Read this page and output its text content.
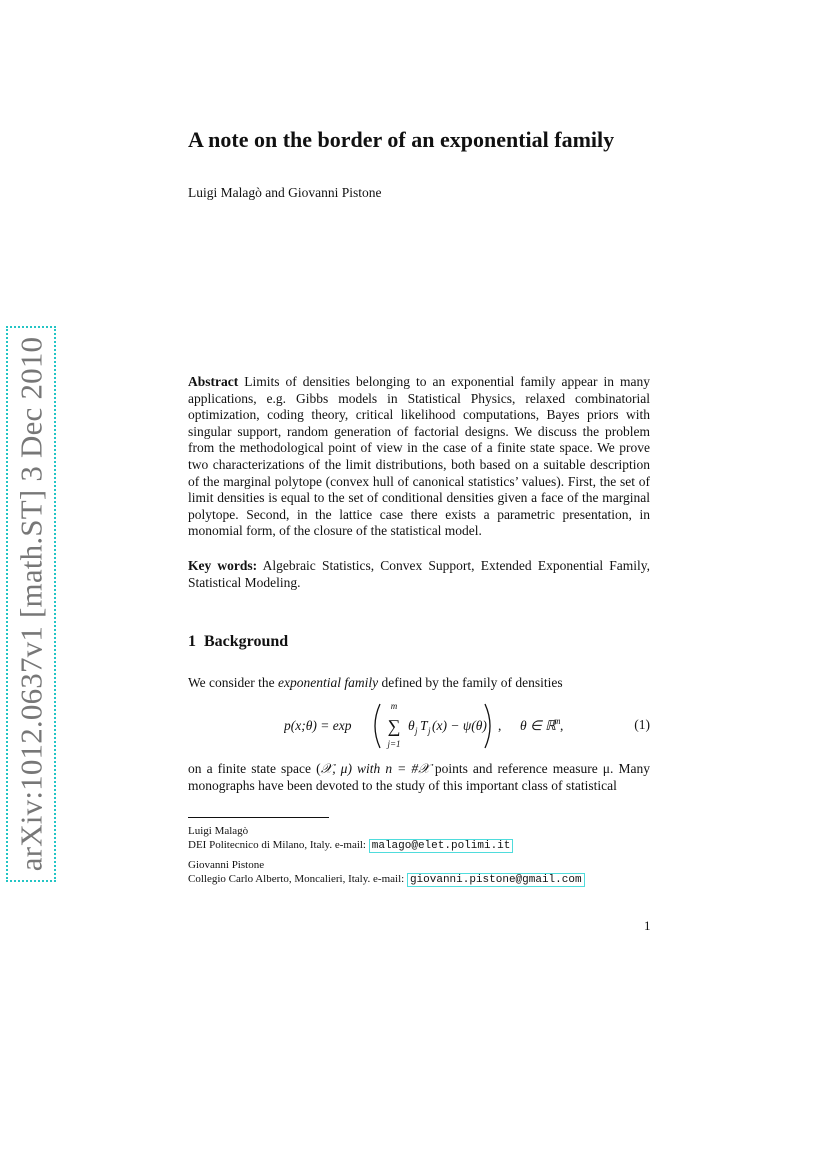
arXiv:1012.0637v1 [math.ST] 3 Dec 2010
A note on the border of an exponential family
Luigi Malagò and Giovanni Pistone

Abstract Limits of densities belonging to an exponential family appear in many applications, e.g. Gibbs models in Statistical Physics, relaxed combinatorial optimization, coding theory, critical likelihood computations, Bayes priors with singular support, random generation of factorial designs. We discuss the problem from the methodological point of view in the case of a finite state space. We prove two characterizations of the limit distributions, both based on a suitable description of the marginal polytope (convex hull of canonical statistics’ values). First, the set of limit densities is equal to the set of conditional densities given a face of the marginal polytope. Second, in the lattice case there exists a parametric presentation, in monomial form, of the closure of the statistical model.

Key words: Algebraic Statistics, Convex Support, Extended Exponential Family, Statistical Modeling.

1 Background

We consider the exponential family defined by the family of densities

p(x;θ) = exp
m
∑
j=1
θ j T j (x) − ψ(θ) , θ ∈ ℝ
m ,	(1)

on a finite state space (𝒳, μ) with n = #𝒳 points and reference measure μ. Many monographs have been devoted to the study of this important class of statistical

Luigi Malagò
DEI Politecnico di Milano, Italy. e-mail: malago@elet.polimi.it
Giovanni Pistone
Collegio Carlo Alberto, Moncalieri, Italy. e-mail: giovanni.pistone@gmail.com
1
